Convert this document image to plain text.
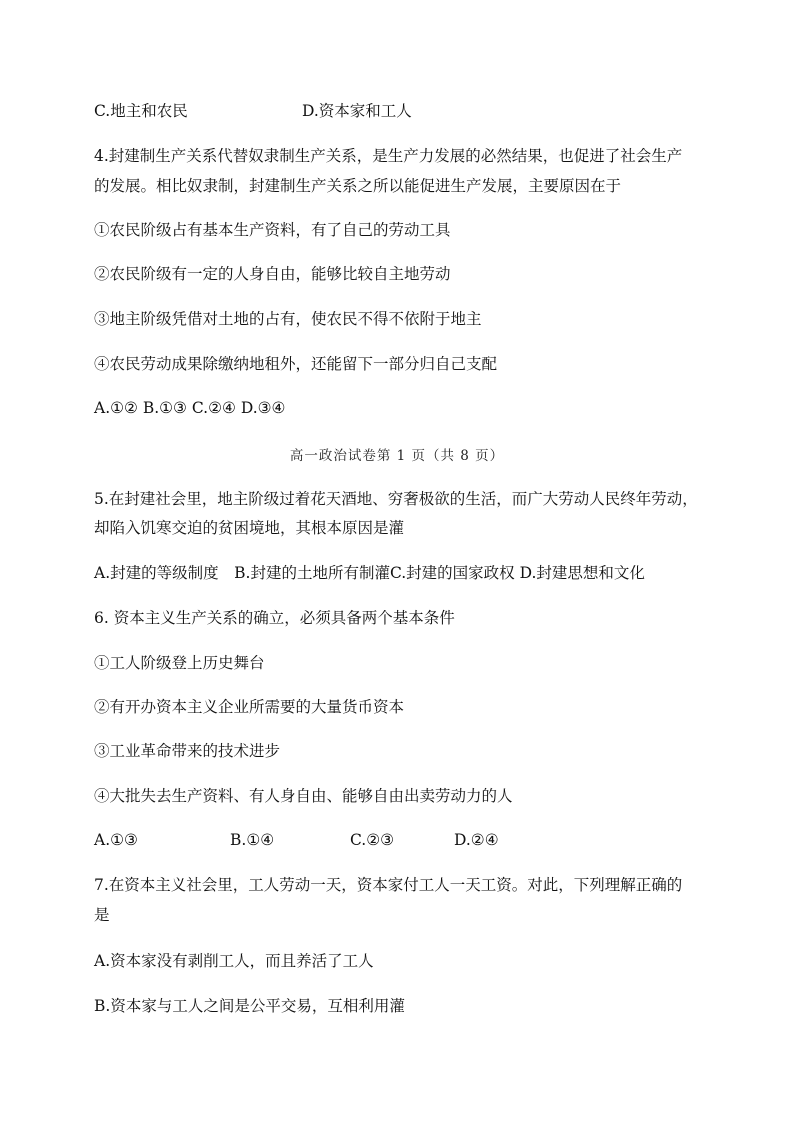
C.地主和农民	D.资本家和工人
4.封建制生产关系代替奴隶制生产关系，是生产力发展的必然结果，也促进了社会生产
的发展。相比奴隶制，封建制生产关系之所以能促进生产发展，主要原因在于
①农民阶级占有基本生产资料，有了自己的劳动工具
②农民阶级有一定的人身自由，能够比较自主地劳动
③地主阶级凭借对土地的占有，使农民不得不依附于地主
④农民劳动成果除缴纳地租外，还能留下一部分归自己支配
A.①② B.①③ C.②④ D.③④
高一政治试卷第 1 页（共 8 页）
5.在封建社会里，地主阶级过着花天酒地、穷奢极欲的生活，而广大劳动人民终年劳动，
却陷入饥寒交迫的贫困境地，其根本原因是灌
A.封建的等级制度　B.封建的土地所有制灌C.封建的国家政权 D.封建思想和文化
6. 资本主义生产关系的确立，必须具备两个基本条件
①工人阶级登上历史舞台
②有开办资本主义企业所需要的大量货币资本
③工业革命带来的技术进步
④大批失去生产资料、有人身自由、能够自由出卖劳动力的人
A.①③	B.①④	C.②③	D.②④
7.在资本主义社会里，工人劳动一天，资本家付工人一天工资。对此，下列理解正确的
是
A.资本家没有剥削工人，而且养活了工人
B.资本家与工人之间是公平交易，互相利用灌
